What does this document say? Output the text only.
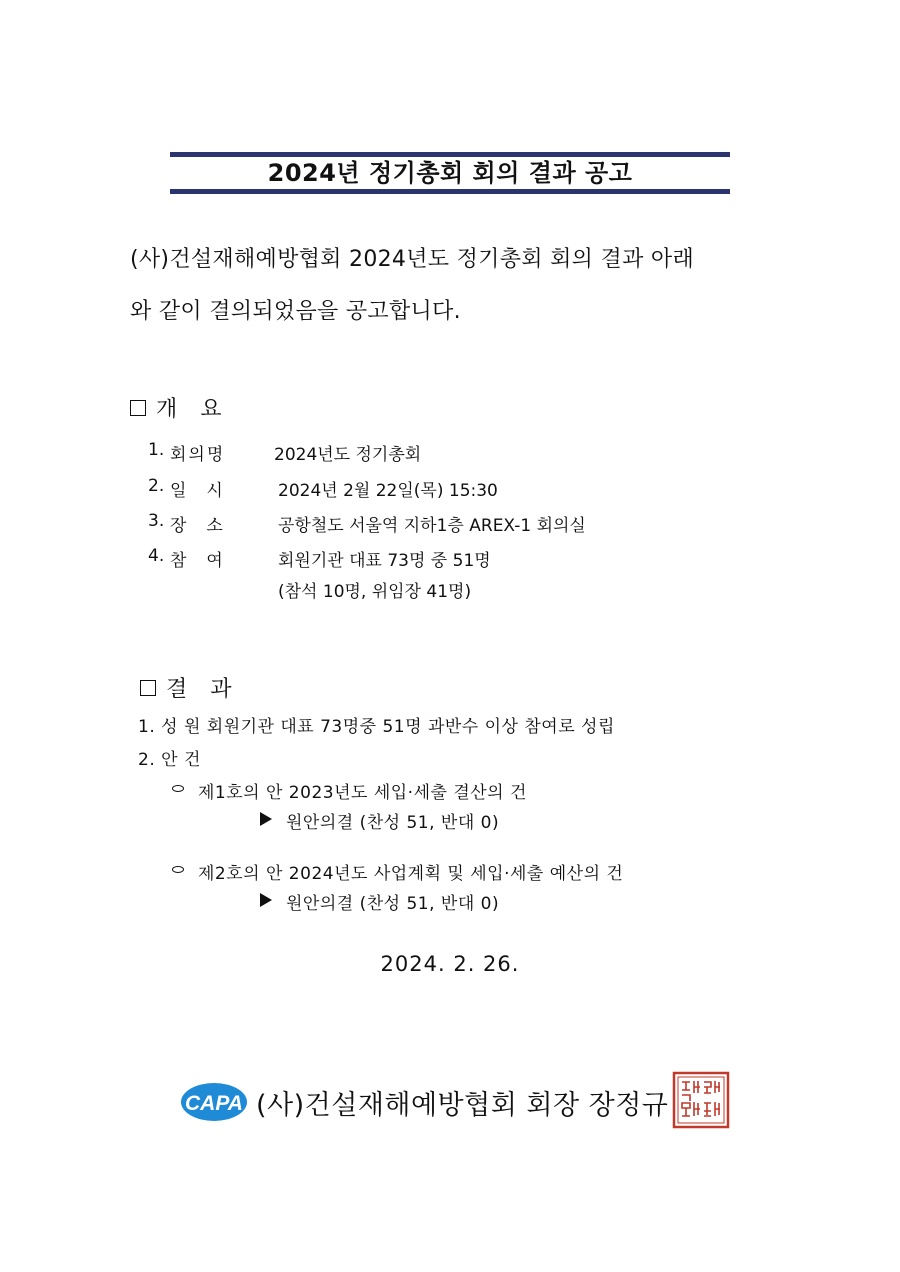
2024년 정기총회 회의 결과 공고
(사)건설재해예방협회 2024년도 정기총회 회의 결과 아래
와 같이 결의되었음을 공고합니다.
개 요
1. 회의명	2024년도 정기총회
2. 일시 2024년 2월 22일(목) 15:30
3. 장소 공항철도 서울역 지하1층 AREX-1 회의실
4. 참여 회원기관 대표 73명 중 51명
(참석 10명, 위임장 41명)
결 과
1. 성 원 회원기관 대표 73명중 51명 과반수 이상 참여로 성립
2. 안 건
제1호의 안 2023년도 세입·세출 결산의 건
원안의결 (찬성 51, 반대 0)
제2호의 안 2024년도 사업계획 및 세입·세출 예산의 건
원안의결 (찬성 51, 반대 0)
2024. 2. 26.
CAPA (사)건설재해예방협회 회장 장정규
